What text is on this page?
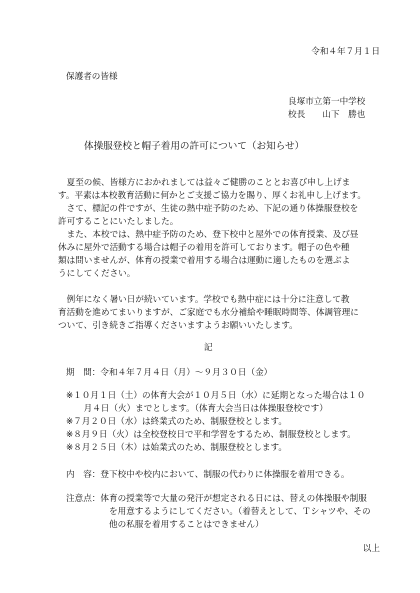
令和４年７月１日
保護者の皆様
良塚市立第一中学校
校長　　山下　勝也
体操服登校と帽子着用の許可について（お知らせ）
　夏至の候、皆様方におかれましては益々ご健勝のこととお喜び申し上げま
す。平素は本校教育活動に何かとご支援ご協力を賜り、厚くお礼申し上げます。
　さて、標記の件ですが、生徒の熱中症予防のため、下記の通り体操服登校を
許可することにいたしました。
　また、本校では、熱中症予防のため、登下校中と屋外での体育授業、及び昼
休みに屋外で活動する場合は帽子の着用を許可しております。帽子の色や種
類は問いませんが、体育の授業で着用する場合は運動に適したものを選ぶよ
うにしてください。
　例年になく暑い日が続いています。学校でも熱中症には十分に注意して教
育活動を進めてまいりますが、ご家庭でも水分補給や睡眠時間等、体調管理に
ついて、引き続きご指導くださいますようお願いいたします。
記
期　間：令和４年７月４日（月）～９月３０日（金）
※１０月１日（土）の体育大会が１０月５日（水）に延期となった場合は１０
　月４日（火）までとします。（体育大会当日は体操服登校です）
※７月２０日（水）は終業式のため、制服登校とします。
※８月９日（火）は全校登校日で平和学習をするため、制服登校とします。
※８月２５日（木）は始業式のため、制服登校とします。
内　容：登下校中や校内において、制服の代わりに体操服を着用できる。
注意点：体育の授業等で大量の発汗が想定される日には、替えの体操服や制服
を用意するようにしてください。（着替えとして、Ｔシャツや、その
他の私服を着用することはできません）
以上
